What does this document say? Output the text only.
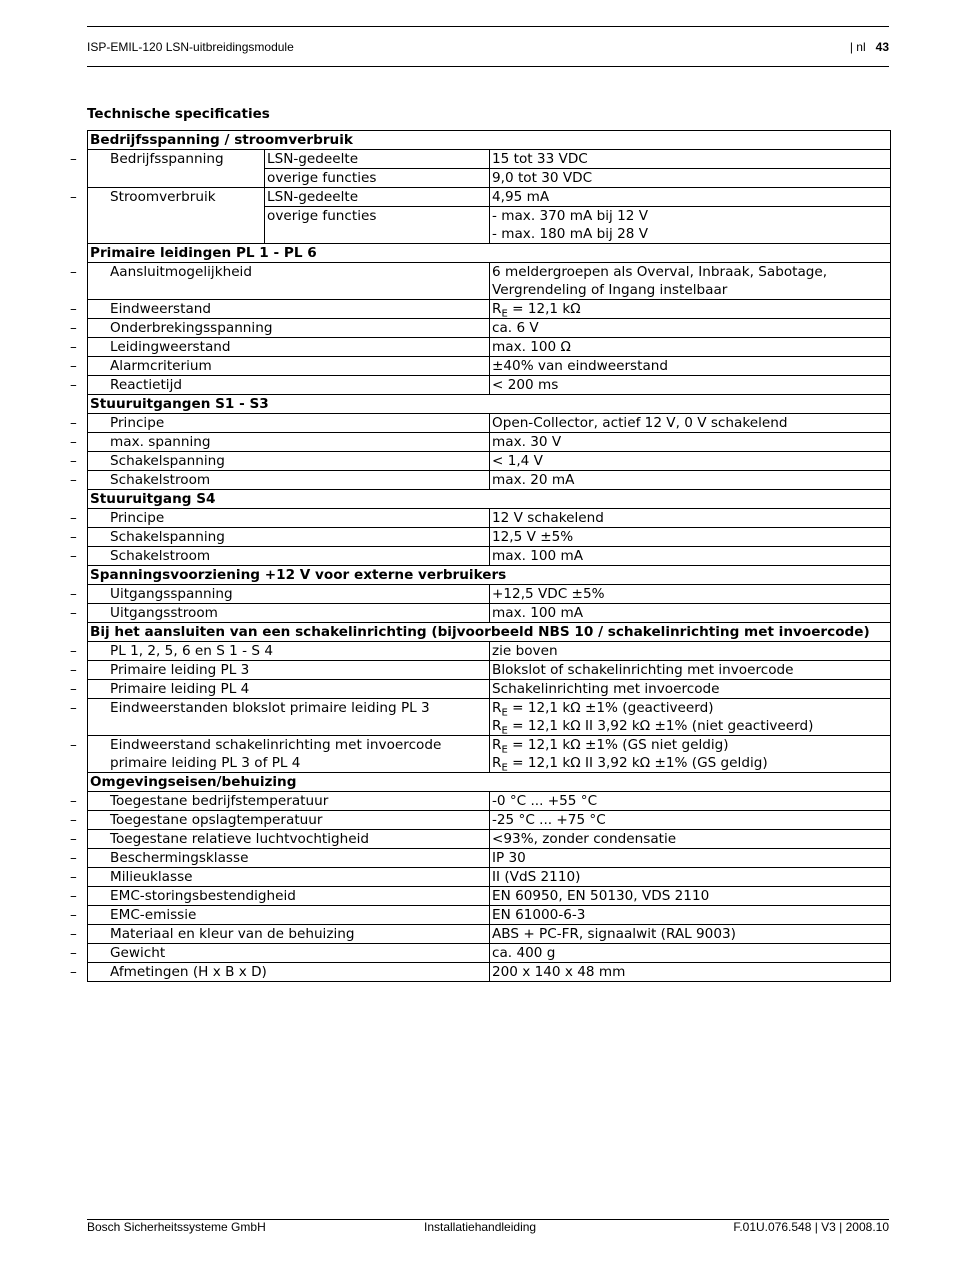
ISP-EMIL-120 LSN-uitbreidingsmodule	| nl 43
Technische specificaties
Bedrijfsspanning / stroomverbruik		

– Bedrijfsspanning	LSN-gedeelte	15 tot 33 VDC

	overige functies	9,0 tot 30 VDC

– Stroomverbruik	LSN-gedeelte	4,95 mA

	overige functies	- max. 370 mA bij 12 V
- max. 180 mA bij 28 V

Primaire leidingen PL 1 - PL 6		

– Aansluitmogelijkheid		6 meldergroepen als Overval, Inbraak, Sabotage,
Vergrendeling of Ingang instelbaar

– Eindweerstand		$R_E = 12,1$ kΩ

– Onderbrekingsspanning		ca. 6 V

– Leidingweerstand		max. 100 Ω

– Alarmcriterium		±40% van eindweerstand

– Reactietijd		< 200 ms

Stuuruitgangen S1 - S3		

– Principe		Open-Collector, actief 12 V, 0 V schakelend

– max. spanning		max. 30 V

– Schakelspanning		< 1,4 V

– Schakelstroom		max. 20 mA

Stuuruitgang S4		

– Principe		12 V schakelend

– Schakelspanning		12,5 V ±5%

– Schakelstroom		max. 100 mA

Spanningsvoorziening +12 V voor externe verbruikers		

– Uitgangsspanning		+12,5 VDC ±5%

– Uitgangsstroom		max. 100 mA

Bij het aansluiten van een schakelinrichting (bijvoorbeeld NBS 10 / schakelinrichting met invoercode)		

– PL 1, 2, 5, 6 en S 1 - S 4		zie boven

– Primaire leiding PL 3		Blokslot of schakelinrichting met invoercode

– Primaire leiding PL 4		Schakelinrichting met invoercode

– Eindweerstanden blokslot primaire leiding PL 3		$R_E = 12,1$ kΩ ±1% (geactiveerd)
$R_E = 12,1$ kΩ II 3,92 kΩ ±1% (niet geactiveerd)

– Eindweerstand schakelinrichting met invoercode primaire leiding PL 3 of PL 4		$R_E = 12,1$ kΩ ±1% (GS niet geldig)
$R_E = 12,1$ kΩ II 3,92 kΩ ±1% (GS geldig)

Omgevingseisen/behuizing		

– Toegestane bedrijfstemperatuur		-0 °C ... +55 °C

– Toegestane opslagtemperatuur		-25 °C ... +75 °C

– Toegestane relatieve luchtvochtigheid		<93%, zonder condensatie

– Beschermingsklasse		IP 30

– Milieuklasse		II (VdS 2110)

– EMC-storingsbestendigheid		EN 60950, EN 50130, VDS 2110

– EMC-emissie		EN 61000-6-3

– Materiaal en kleur van de behuizing		ABS + PC-FR, signaalwit (RAL 9003)

– Gewicht		ca. 400 g

– Afmetingen (H x B x D)		200 x 140 x 48 mm
Bosch Sicherheitssysteme GmbH	Installatiehandleiding	F.01U.076.548 | V3 | 2008.10
